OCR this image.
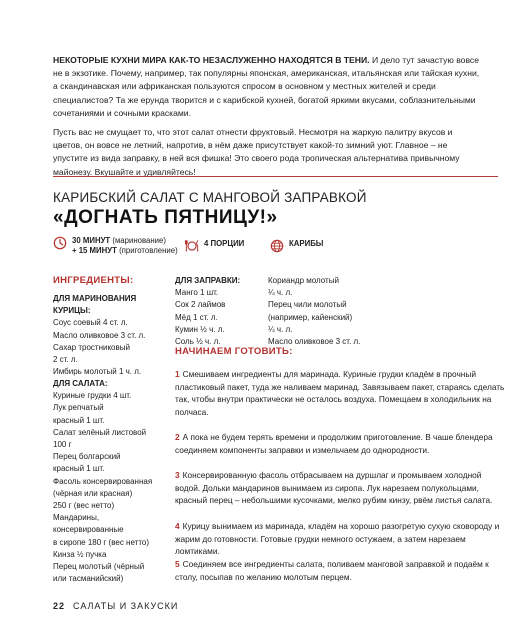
НЕКОТОРЫЕ КУХНИ МИРА КАК-ТО НЕЗАСЛУЖЕННО НАХОДЯТСЯ В ТЕНИ. И дело тут зачастую вовсе не в экзотике. Почему, например, так популярны японская, американская, итальянская или тайская кухни, а скандинавская или африканская пользуются спросом в основном у местных жителей и среди специалистов? Та же ерунда творится и с карибской кухней, богатой яркими вкусами, соблазнительными сочетаниями и сочными красками.

Пусть вас не смущает то, что этот салат отнести фруктовый. Несмотря на жаркую палитру вкусов и цветов, он вовсе не летний, напротив, в нём даже присутствует какой-то зимний уют. Главное – не упустите из вида заправку, в ней вся фишка! Это своего рода тропическая альтернатива привычному майонезу. Вкушайте и удивляйтесь!

КАРИБСКИЙ САЛАТ С МАНГОВОЙ ЗАПРАВКОЙ
«ДОГНАТЬ ПЯТНИЦУ!»
30 МИНУТ (маринование)
+ 15 МИНУТ (приготовление)
4 ПОРЦИИ	КАРИБЫ
ИНГРЕДИЕНТЫ:
ДЛЯ МАРИНОВАНИЯ
КУРИЦЫ:
Соус соевый 4 ст. л.
Масло оливковое 3 ст. л.
Сахар тростниковый
2 ст. л.
Имбирь молотый 1 ч. л.
ДЛЯ САЛАТА:
Куриные грудки 4 шт.
Лук репчатый
красный 1 шт.
Салат зелёный листовой
100 г
Перец болгарский
красный 1 шт.
Фасоль консервированная
(чёрная или красная)
250 г (вес нетто)
Мандарины,
консервированные
в сиропе 180 г (вес нетто)
Кинза ½ пучка
Перец молотый (чёрный
или тасманийский)
ДЛЯ ЗАПРАВКИ:
Манго 1 шт.
Сок 2 лаймов
Мёд 1 ст. л.
Кумин ½ ч. л.
Соль ½ ч. л.
Кориандр молотый
¼ ч. л.
Перец чили молотый
(например, кайенский)
¼ ч. л.
Масло оливковое 3 ст. л.
НАЧИНАЕМ ГОТОВИТЬ:
1 Смешиваем ингредиенты для маринада. Куриные грудки кладём в прочный пластиковый пакет, туда же наливаем маринад. Завязываем пакет, стараясь сделать так, чтобы внутри практически не осталось воздуха. Помещаем в холодильник на полчаса.
2 А пока не будем терять времени и продолжим приготовление. В чаше блендера соединяем компоненты заправки и измельчаем до однородности.
3 Консервированную фасоль отбрасываем на дуршлаг и промываем холодной водой. Дольки мандаринов вынимаем из сиропа. Лук нарезаем полукольцами, красный перец – небольшими кусочками, мелко рубим кинзу, рвём листья салата.
4 Курицу вынимаем из маринада, кладём на хорошо разогретую сухую сковороду и жарим до готовности. Готовые грудки немного остужаем, а затем нарезаем ломтиками.
5 Соединяем все ингредиенты салата, поливаем манговой заправкой и подаём к столу, посыпав по желанию молотым перцем.
22 САЛАТЫ И ЗАКУСКИ
